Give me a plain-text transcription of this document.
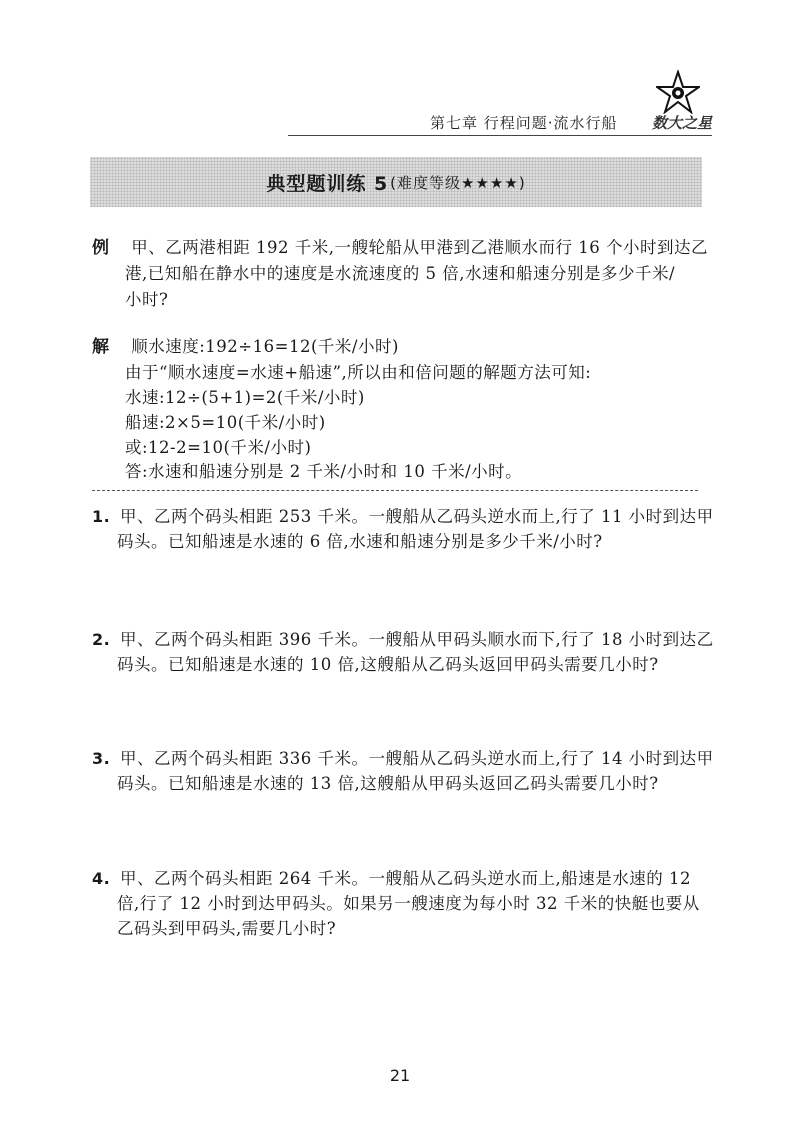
第七章 行程问题·流水行船 数大之星
典型题训练 5 (难度等级★★★★)
例 甲、乙两港相距 192 千米,一艘轮船从甲港到乙港顺水而行 16 个小时到达乙
港,已知船在静水中的速度是水流速度的 5 倍,水速和船速分别是多少千米/
小时?
解 顺水速度:192÷16=12(千米/小时)
由于“顺水速度=水速+船速”,所以由和倍问题的解题方法可知:
水速:12÷(5+1)=2(千米/小时)
船速:2×5=10(千米/小时)
或:12-2=10(千米/小时)
答:水速和船速分别是 2 千米/小时和 10 千米/小时。
1. 甲、乙两个码头相距 253 千米。一艘船从乙码头逆水而上,行了 11 小时到达甲
码头。已知船速是水速的 6 倍,水速和船速分别是多少千米/小时?
2. 甲、乙两个码头相距 396 千米。一艘船从甲码头顺水而下,行了 18 小时到达乙
码头。已知船速是水速的 10 倍,这艘船从乙码头返回甲码头需要几小时?
3. 甲、乙两个码头相距 336 千米。一艘船从乙码头逆水而上,行了 14 小时到达甲
码头。已知船速是水速的 13 倍,这艘船从甲码头返回乙码头需要几小时?
4. 甲、乙两个码头相距 264 千米。一艘船从乙码头逆水而上,船速是水速的 12
倍,行了 12 小时到达甲码头。如果另一艘速度为每小时 32 千米的快艇也要从
乙码头到甲码头,需要几小时?
21
